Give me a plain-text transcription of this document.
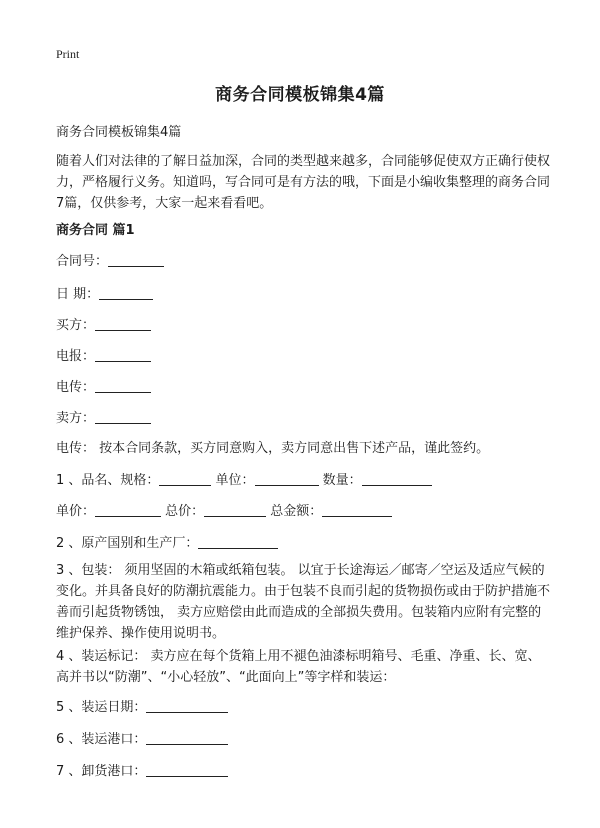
Print
商务合同模板锦集4篇
商务合同模板锦集4篇
随着人们对法律的了解日益加深，合同的类型越来越多，合同能够促使双方正确行使权力，严格履行义务。知道吗，写合同可是有方法的哦，下面是小编收集整理的商务合同7篇，仅供参考，大家一起来看看吧。
商务合同 篇1
合同号：
日 期：
买方：
电报：
电传：
卖方：
电传： 按本合同条款，买方同意购入，卖方同意出售下述产品，谨此签约。
1 、品名、规格：	单位：	数量：
单价：	总价：	总金额：
2 、原产国别和生产厂：
3 、包装： 须用坚固的木箱或纸箱包装。 以宜于长途海运／邮寄／空运及适应气候的变化。并具备良好的防潮抗震能力。由于包装不良而引起的货物损伤或由于防护措施不善而引起货物锈蚀， 卖方应赔偿由此而造成的全部损失费用。包装箱内应附有完整的维护保养、操作使用说明书。
4 、装运标记： 卖方应在每个货箱上用不褪色油漆标明箱号、毛重、净重、长、宽、高并书以“防潮”、“小心轻放”、“此面向上”等字样和装运：
5 、装运日期：
6 、装运港口：
7 、卸货港口：
